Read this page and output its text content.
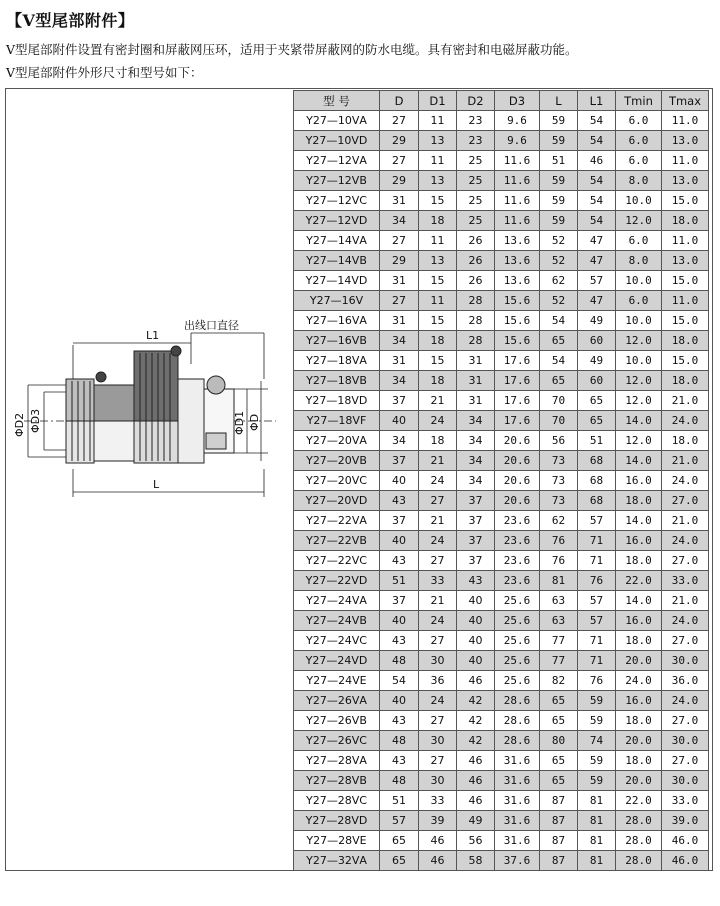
【V型尾部附件】
V型尾部附件设置有密封圈和屏蔽网压环，适用于夹紧带屏蔽网的防水电缆。具有密封和电磁屏蔽功能。
V型尾部附件外形尺寸和型号如下：
出线口直径
L1
L
ΦD2 ΦD3	ΦD1 ΦD
型 号	D	D1	D2	D3	L	L1	Tmin	Tmax
Y27—10ⅤA	27	11	23	9.6	59	54	6.0	11.0
Y27—10ⅤD	29	13	23	9.6	59	54	6.0	13.0
Y27—12ⅤA	27	11	25	11.6	51	46	6.0	11.0
Y27—12ⅤB	29	13	25	11.6	59	54	8.0	13.0
Y27—12ⅤC	31	15	25	11.6	59	54	10.0	15.0
Y27—12ⅤD	34	18	25	11.6	59	54	12.0	18.0
Y27—14ⅤA	27	11	26	13.6	52	47	6.0	11.0
Y27—14ⅤB	29	13	26	13.6	52	47	8.0	13.0
Y27—14ⅤD	31	15	26	13.6	62	57	10.0	15.0
Y27—16Ⅴ	27	11	28	15.6	52	47	6.0	11.0
Y27—16ⅤA	31	15	28	15.6	54	49	10.0	15.0
Y27—16ⅤB	34	18	28	15.6	65	60	12.0	18.0
Y27—18ⅤA	31	15	31	17.6	54	49	10.0	15.0
Y27—18ⅤB	34	18	31	17.6	65	60	12.0	18.0
Y27—18ⅤD	37	21	31	17.6	70	65	12.0	21.0
Y27—18ⅤF	40	24	34	17.6	70	65	14.0	24.0
Y27—20ⅤA	34	18	34	20.6	56	51	12.0	18.0
Y27—20ⅤB	37	21	34	20.6	73	68	14.0	21.0
Y27—20ⅤC	40	24	34	20.6	73	68	16.0	24.0
Y27—20ⅤD	43	27	37	20.6	73	68	18.0	27.0
Y27—22ⅤA	37	21	37	23.6	62	57	14.0	21.0
Y27—22ⅤB	40	24	37	23.6	76	71	16.0	24.0
Y27—22ⅤC	43	27	37	23.6	76	71	18.0	27.0
Y27—22ⅤD	51	33	43	23.6	81	76	22.0	33.0
Y27—24ⅤA	37	21	40	25.6	63	57	14.0	21.0
Y27—24ⅤB	40	24	40	25.6	63	57	16.0	24.0
Y27—24ⅤC	43	27	40	25.6	77	71	18.0	27.0
Y27—24ⅤD	48	30	40	25.6	77	71	20.0	30.0
Y27—24ⅤE	54	36	46	25.6	82	76	24.0	36.0
Y27—26ⅤA	40	24	42	28.6	65	59	16.0	24.0
Y27—26ⅤB	43	27	42	28.6	65	59	18.0	27.0
Y27—26ⅤC	48	30	42	28.6	80	74	20.0	30.0
Y27—28ⅤA	43	27	46	31.6	65	59	18.0	27.0
Y27—28ⅤB	48	30	46	31.6	65	59	20.0	30.0
Y27—28ⅤC	51	33	46	31.6	87	81	22.0	33.0
Y27—28ⅤD	57	39	49	31.6	87	81	28.0	39.0
Y27—28ⅤE	65	46	56	31.6	87	81	28.0	46.0
Y27—32ⅤA	65	46	58	37.6	87	81	28.0	46.0
